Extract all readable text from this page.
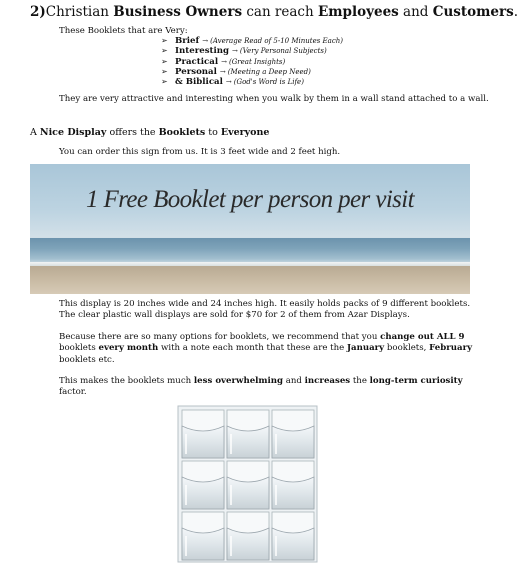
2)Christian Business Owners can reach Employees and Customers.
These Booklets that are Very:
➢ Brief → (Average Read of 5-10 Minutes Each)
➢ Interesting → (Very Personal Subjects)
➢ Practical → (Great Insights)
➢ Personal → (Meeting a Deep Need)
➢ & Biblical → (God's Word is Life)
They are very attractive and interesting when you walk by them in a wall stand attached to a wall.
A Nice Display offers the Booklets to Everyone
You can order this sign from us. It is 3 feet wide and 2 feet high.
1 Free Booklet per person per visit
This display is 20 inches wide and 24 inches high. It easily holds packs of 9 different booklets. The clear plastic wall displays are sold for $70 for 2 of them from Azar Displays.
Because there are so many options for booklets, we recommend that you change out ALL 9 booklets every month with a note each month that these are the January booklets, February booklets etc.
This makes the booklets much less overwhelming and increases the long-term curiosity factor.
